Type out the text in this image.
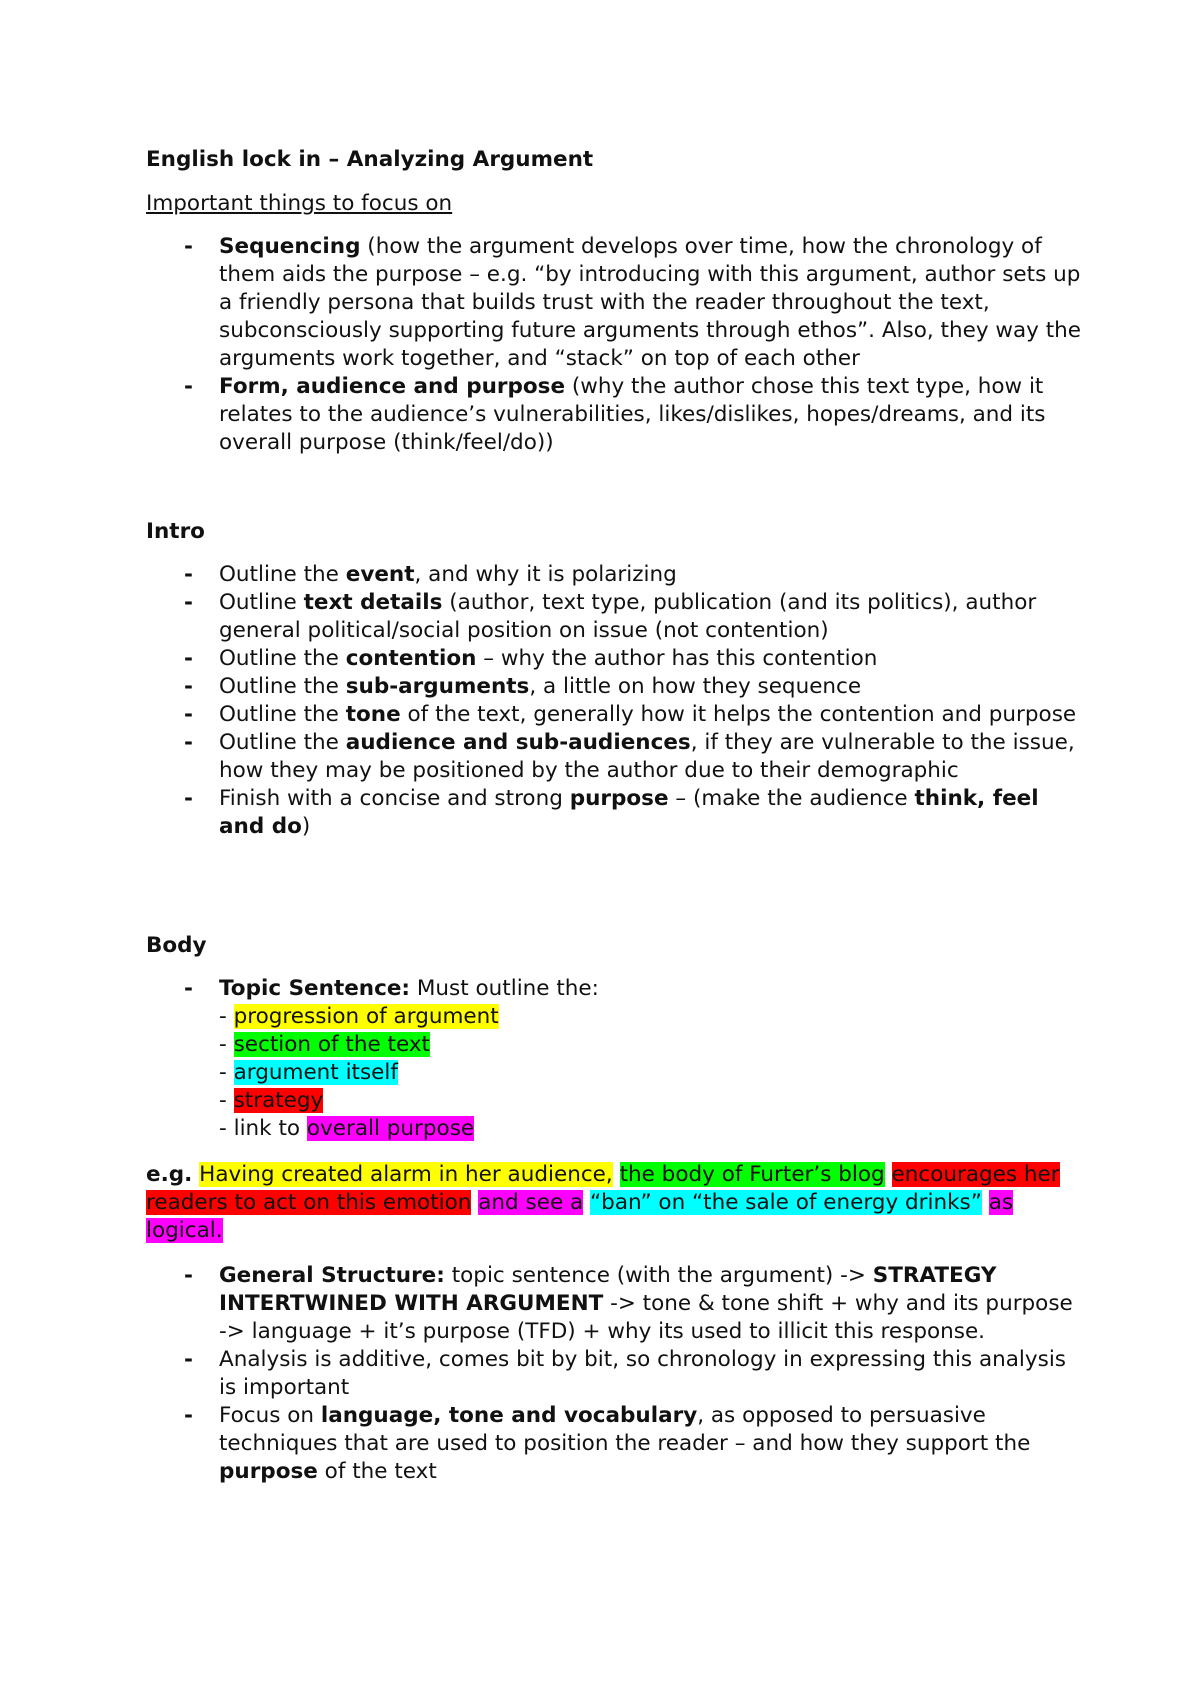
English lock in – Analyzing Argument
Important things to focus on
- Sequencing (how the argument develops over time, how the chronology of them aids the purpose – e.g. “by introducing with this argument, author sets up a friendly persona that builds trust with the reader throughout the text, subconsciously supporting future arguments through ethos”. Also, they way the arguments work together, and “stack” on top of each other
- Form, audience and purpose (why the author chose this text type, how it relates to the audience’s vulnerabilities, likes/dislikes, hopes/dreams, and its overall purpose (think/feel/do))
Intro
- Outline the event, and why it is polarizing
- Outline text details (author, text type, publication (and its politics), author general political/social position on issue (not contention)
- Outline the contention – why the author has this contention
- Outline the sub-arguments, a little on how they sequence
- Outline the tone of the text, generally how it helps the contention and purpose
- Outline the audience and sub-audiences, if they are vulnerable to the issue, how they may be positioned by the author due to their demographic
- Finish with a concise and strong purpose – (make the audience think, feel and do)
Body
- Topic Sentence: Must outline the:
- progression of argument
- section of the text
- argument itself
- strategy
- link to overall purpose
e.g. Having created alarm in her audience, the body of Furter’s blog encourages her readers to act on this emotion and see a “ban” on “the sale of energy drinks” as logical.
- General Structure: topic sentence (with the argument) -> STRATEGY INTERTWINED WITH ARGUMENT -> tone & tone shift + why and its purpose -> language + it’s purpose (TFD) + why its used to illicit this response.
- Analysis is additive, comes bit by bit, so chronology in expressing this analysis is important
- Focus on language, tone and vocabulary, as opposed to persuasive techniques that are used to position the reader – and how they support the purpose of the text
